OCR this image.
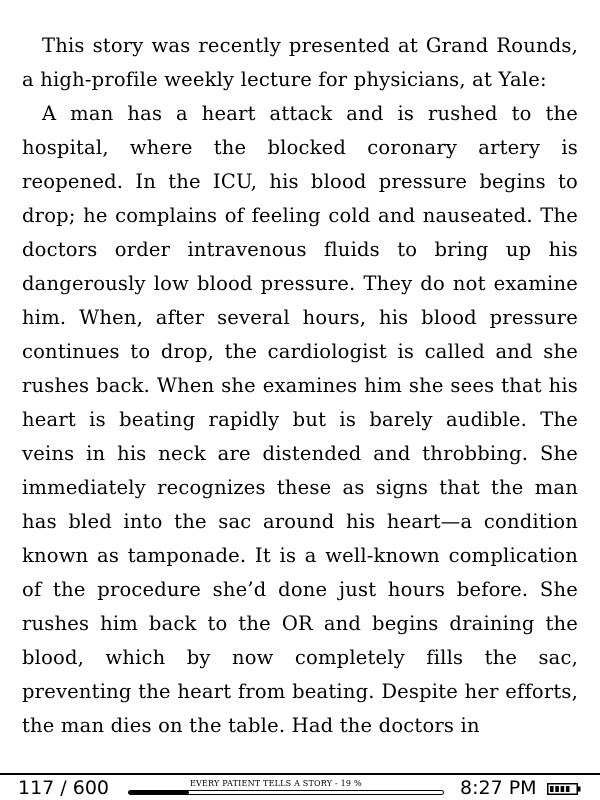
This story was recently presented at Grand Rounds, a high-profile weekly lecture for physicians, at Yale:

A man has a heart attack and is rushed to the hospital, where the blocked coronary artery is reopened. In the ICU, his blood pressure begins to drop; he complains of feeling cold and nauseated. The doctors order intravenous fluids to bring up his dangerously low blood pressure. They do not examine him. When, after several hours, his blood pressure continues to drop, the cardiologist is called and she rushes back. When she examines him she sees that his heart is beating rapidly but is barely audible. The veins in his neck are distended and throbbing. She immediately recognizes these as signs that the man has bled into the sac around his heart—a condition known as tamponade. It is a well-known complication of the procedure she’d done just hours before. She rushes him back to the OR and begins draining the blood, which by now completely fills the sac, preventing the heart from beating. Despite her efforts, the man dies on the table. Had the doctors in

117 / 600	EVERY PATIENT TELLS A STORY - 19 %	8:27 PM
